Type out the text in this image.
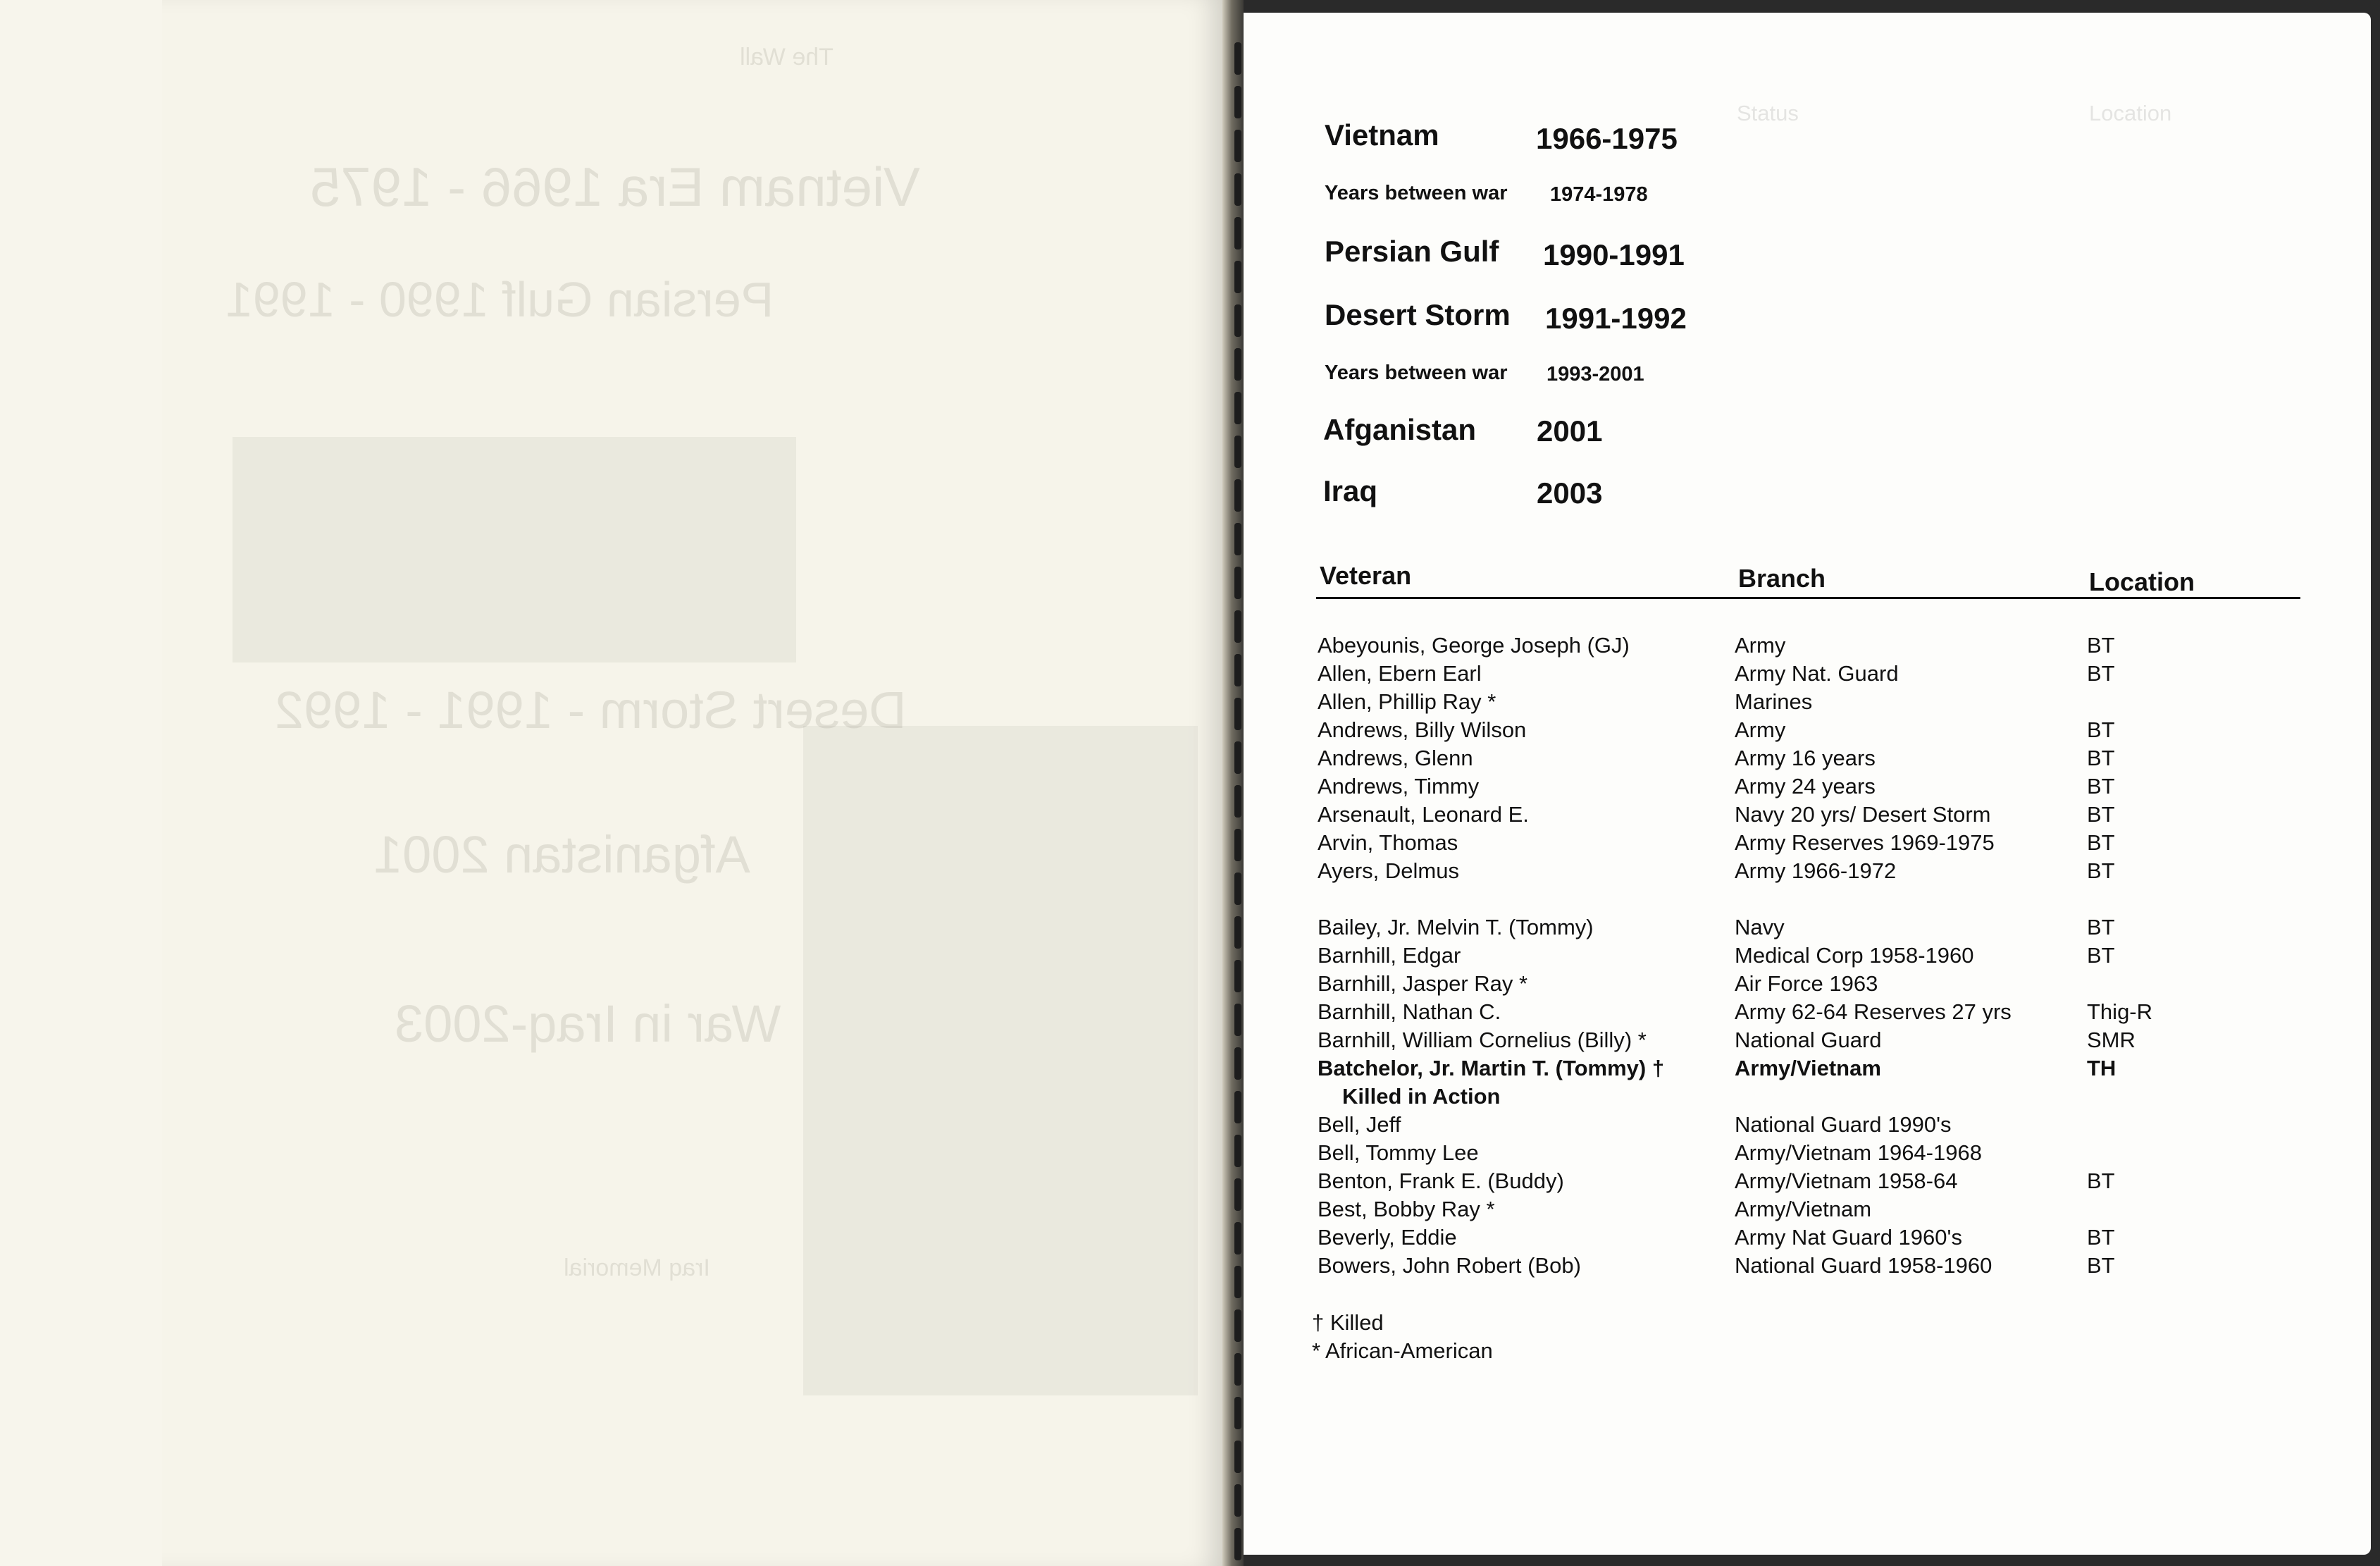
The Wall
Vietnam Era 1966 - 1975
Persian Gulf 1990 - 1991
Desert Storm - 1991 - 1992
Afganistan 2001
War in Iraq-2003
Iraq Memorial
Status	Location
Vietnam	1966-1975
Years between war 1974-1978
Persian Gulf 1990-1991
Desert Storm 1991-1992
Years between war 1993-2001
Afganistan 2001
Iraq	2003
Veteran	Branch	Location
Abeyounis, George Joseph (GJ)	Army	BT
Allen, Ebern Earl	Army Nat. Guard	BT
Allen, Phillip Ray *	Marines
Andrews, Billy Wilson	Army	BT
Andrews, Glenn	Army 16 years	BT
Andrews, Timmy	Army 24 years	BT
Arsenault, Leonard E.	Navy 20 yrs/ Desert Storm	BT
Arvin, Thomas	Army Reserves 1969-1975	BT
Ayers, Delmus	Army 1966-1972	BT
Bailey, Jr. Melvin T. (Tommy)	Navy	BT
Barnhill, Edgar	Medical Corp 1958-1960	BT
Barnhill, Jasper Ray *	Air Force 1963
Barnhill, Nathan C.	Army 62-64 Reserves 27 yrs	Thig-R
Barnhill, William Cornelius (Billy) *	National Guard	SMR
Batchelor, Jr. Martin T. (Tommy) †	Army/Vietnam	TH
Killed in Action
Bell, Jeff	National Guard 1990's
Bell, Tommy Lee	Army/Vietnam 1964-1968
Benton, Frank E. (Buddy)	Army/Vietnam 1958-64	BT
Best, Bobby Ray *	Army/Vietnam
Beverly, Eddie	Army Nat Guard 1960's	BT
Bowers, John Robert (Bob)	National Guard 1958-1960	BT
† Killed
* African-American
